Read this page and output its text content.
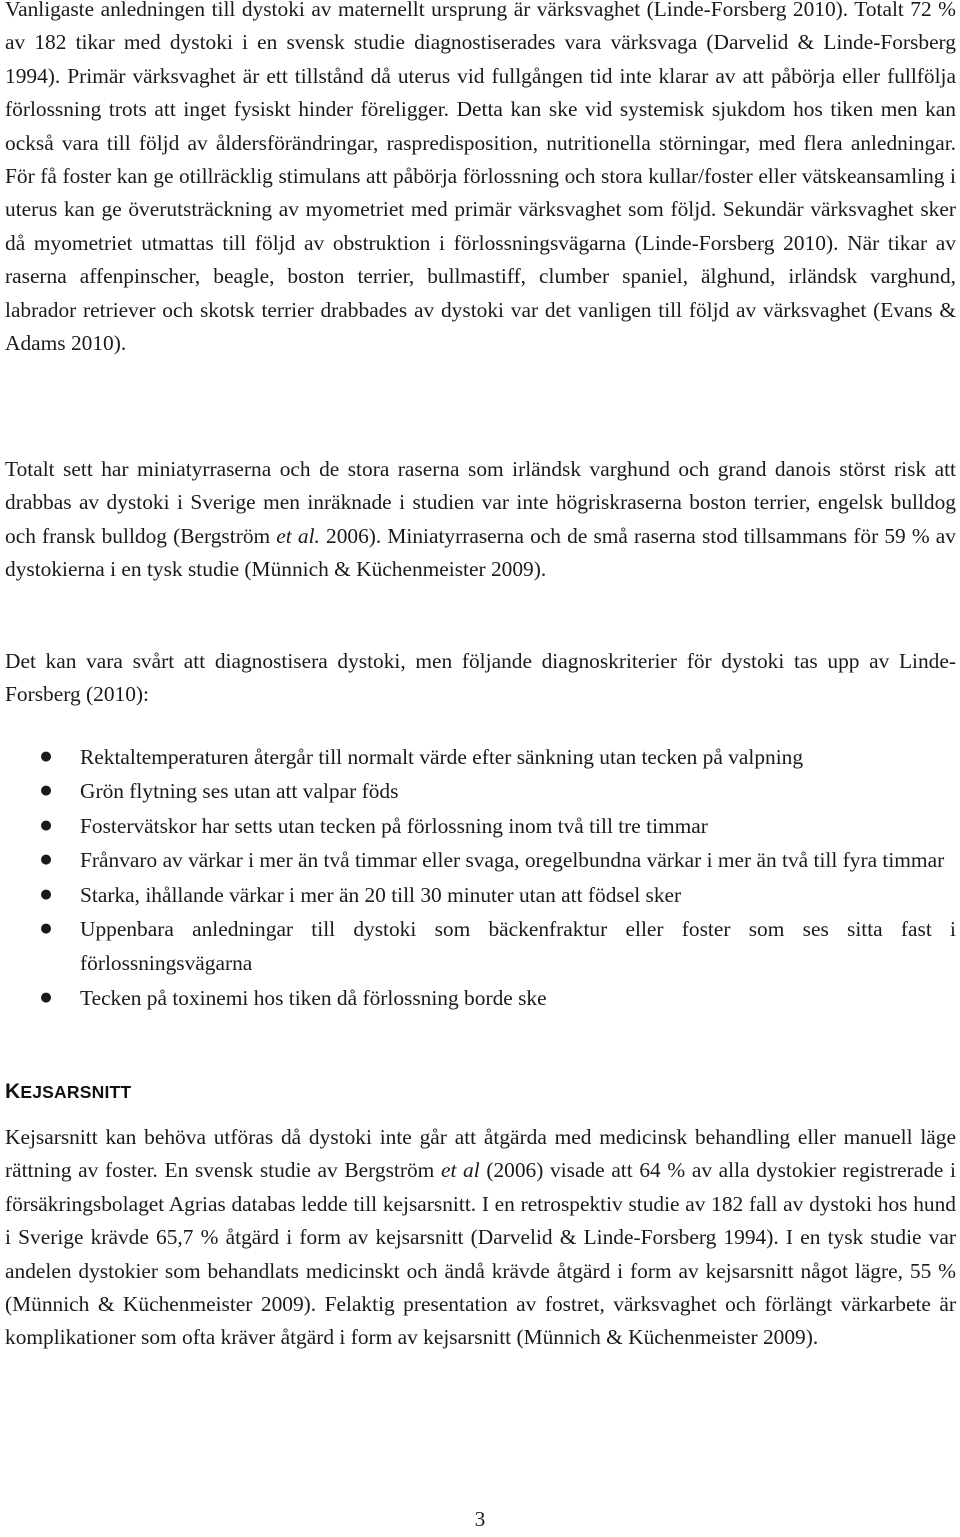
Vanligaste anledningen till dystoki av maternellt ursprung är värksvaghet (Linde-Forsberg 2010). Totalt 72 % av 182 tikar med dystoki i en svensk studie diagnostiserades vara värksvaga (Darvelid & Linde-Forsberg 1994). Primär värksvaghet är ett tillstånd då uterus vid fullgången tid inte klarar av att påbörja eller fullfölja förlossning trots att inget fysiskt hinder föreligger. Detta kan ske vid systemisk sjukdom hos tiken men kan också vara till följd av åldersförändringar, raspredisposition, nutritionella störningar, med flera anledningar. För få foster kan ge otillräcklig stimulans att påbörja förlossning och stora kullar/foster eller vätskeansamling i uterus kan ge överutsträckning av myometriet med primär värksvaghet som följd. Sekundär värksvaghet sker då myometriet utmattas till följd av obstruktion i förlossningsvägarna (Linde-Forsberg 2010). När tikar av raserna affenpinscher, beagle, boston terrier, bullmastiff, clumber spaniel, älghund, irländsk varghund, labrador retriever och skotsk terrier drabbades av dystoki var det vanligen till följd av värksvaghet (Evans & Adams 2010).

Totalt sett har miniatyrraserna och de stora raserna som irländsk varghund och grand danois störst risk att drabbas av dystoki i Sverige men inräknade i studien var inte högriskraserna boston terrier, engelsk bulldog och fransk bulldog (Bergström et al. 2006). Miniatyrraserna och de små raserna stod tillsammans för 59 % av dystokierna i en tysk studie (Münnich & Küchenmeister 2009).

Det kan vara svårt att diagnostisera dystoki, men följande diagnoskriterier för dystoki tas upp av Linde-Forsberg (2010):

● Rektaltemperaturen återgår till normalt värde efter sänkning utan tecken på valpning
● Grön flytning ses utan att valpar föds
● Fostervätskor har setts utan tecken på förlossning inom två till tre timmar
● Frånvaro av värkar i mer än två timmar eller svaga, oregelbundna värkar i mer än två till fyra timmar
● Starka, ihållande värkar i mer än 20 till 30 minuter utan att födsel sker
● Uppenbara anledningar till dystoki som bäckenfraktur eller foster som ses sitta fast i förlossningsvägarna
● Tecken på toxinemi hos tiken då förlossning borde ske
KEJSARSNITT

Kejsarsnitt kan behöva utföras då dystoki inte går att åtgärda med medicinsk behandling eller manuell läge rättning av foster. En svensk studie av Bergström et al (2006) visade att 64 % av alla dystokier registrerade i försäkringsbolaget Agrias databas ledde till kejsarsnitt. I en retrospektiv studie av 182 fall av dystoki hos hund i Sverige krävde 65,7 % åtgärd i form av kejsarsnitt (Darvelid & Linde-Forsberg 1994). I en tysk studie var andelen dystokier som behandlats medicinskt och ändå krävde åtgärd i form av kejsarsnitt något lägre, 55 % (Münnich & Küchenmeister 2009). Felaktig presentation av fostret, värksvaghet och förlängt värkarbete är komplikationer som ofta kräver åtgärd i form av kejsarsnitt (Münnich & Küchenmeister 2009).

3
